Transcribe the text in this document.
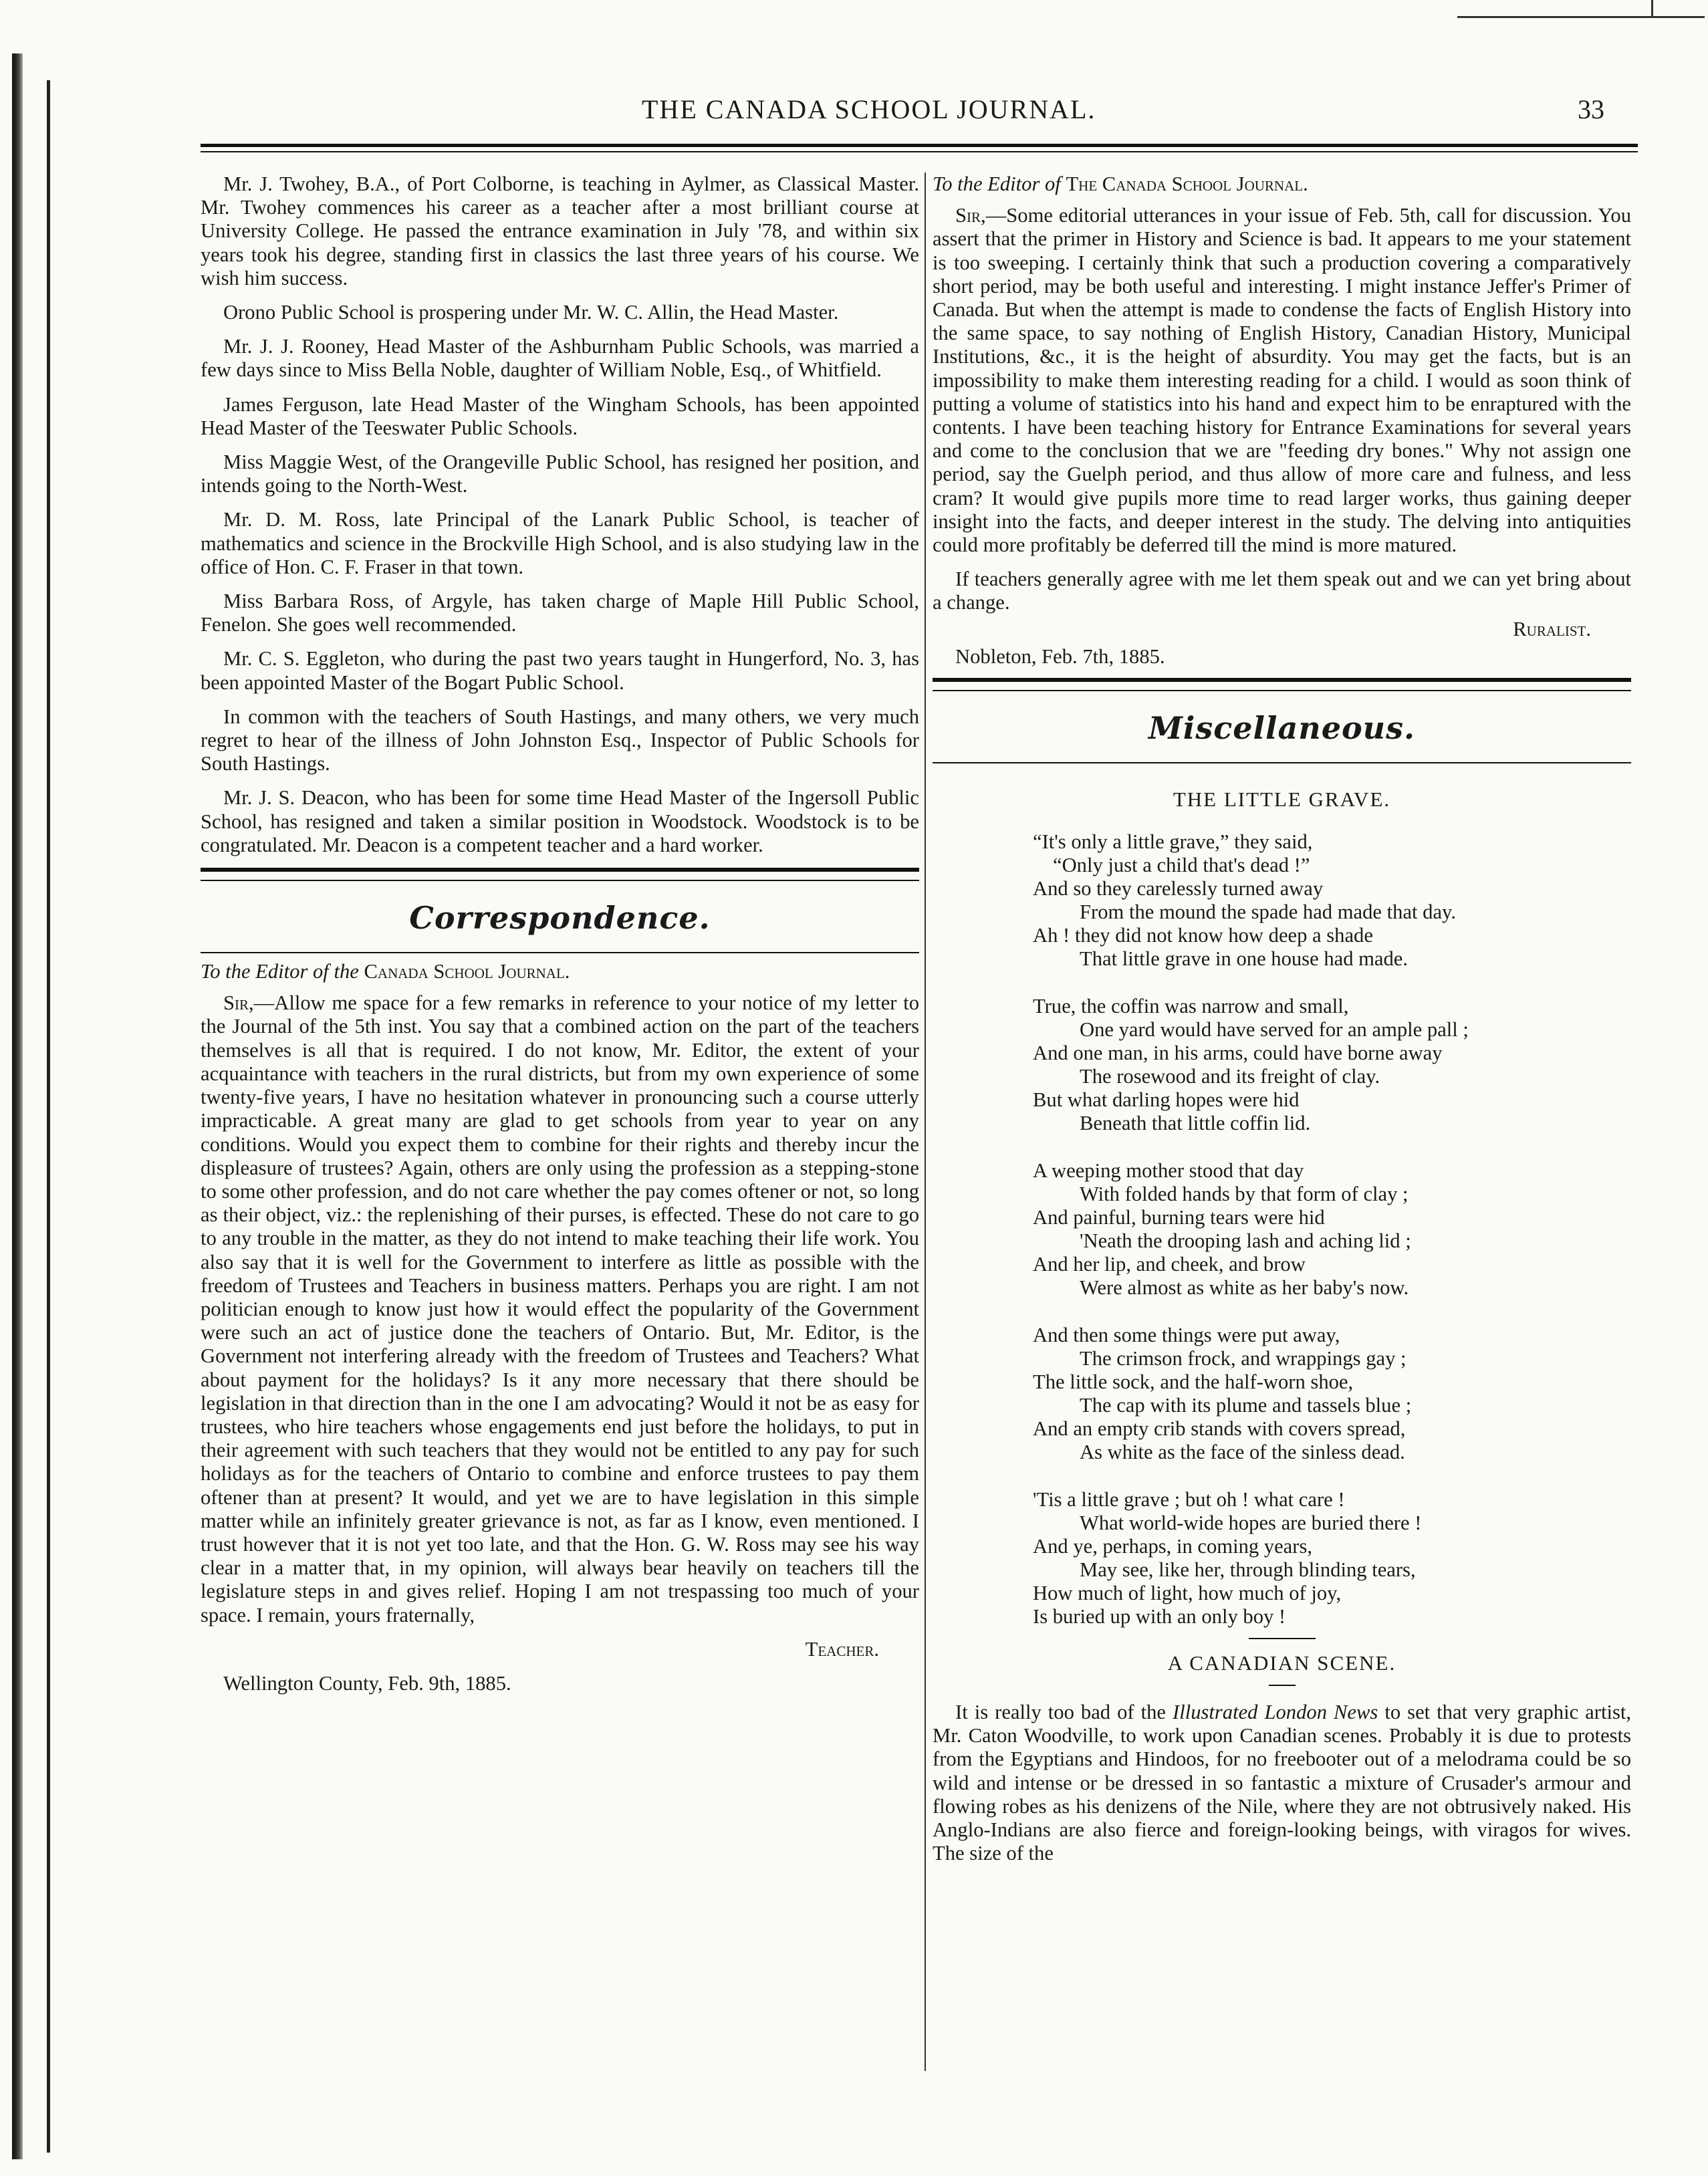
THE CANADA SCHOOL JOURNAL.	33

Mr. J. Twohey, B.A., of Port Colborne, is teaching in Aylmer, as Classical Master. Mr. Twohey commences his career as a teacher after a most brilliant course at University College. He passed the entrance examination in July '78, and within six years took his degree, standing first in classics the last three years of his course. We wish him success.

Orono Public School is prospering under Mr. W. C. Allin, the Head Master.

Mr. J. J. Rooney, Head Master of the Ashburnham Public Schools, was married a few days since to Miss Bella Noble, daughter of William Noble, Esq., of Whitfield.

James Ferguson, late Head Master of the Wingham Schools, has been appointed Head Master of the Teeswater Public Schools.

Miss Maggie West, of the Orangeville Public School, has resigned her position, and intends going to the North-West.

Mr. D. M. Ross, late Principal of the Lanark Public School, is teacher of mathematics and science in the Brockville High School, and is also studying law in the office of Hon. C. F. Fraser in that town.

Miss Barbara Ross, of Argyle, has taken charge of Maple Hill Public School, Fenelon. She goes well recommended.

Mr. C. S. Eggleton, who during the past two years taught in Hungerford, No. 3, has been appointed Master of the Bogart Public School.

In common with the teachers of South Hastings, and many others, we very much regret to hear of the illness of John Johnston Esq., Inspector of Public Schools for South Hastings.

Mr. J. S. Deacon, who has been for some time Head Master of the Ingersoll Public School, has resigned and taken a similar position in Woodstock. Woodstock is to be congratulated. Mr. Deacon is a competent teacher and a hard worker.

Correspondence.
To the Editor of the Canada School Journal.

Sir,—Allow me space for a few remarks in reference to your notice of my letter to the Journal of the 5th inst. You say that a combined action on the part of the teachers themselves is all that is required. I do not know, Mr. Editor, the extent of your acquaintance with teachers in the rural districts, but from my own experience of some twenty-five years, I have no hesitation whatever in pronouncing such a course utterly impracticable. A great many are glad to get schools from year to year on any conditions. Would you expect them to combine for their rights and thereby incur the displeasure of trustees? Again, others are only using the profession as a stepping-stone to some other profession, and do not care whether the pay comes oftener or not, so long as their object, viz.: the replenishing of their purses, is effected. These do not care to go to any trouble in the matter, as they do not intend to make teaching their life work. You also say that it is well for the Government to interfere as little as possible with the freedom of Trustees and Teachers in business matters. Perhaps you are right. I am not politician enough to know just how it would effect the popularity of the Government were such an act of justice done the teachers of Ontario. But, Mr. Editor, is the Government not interfering already with the freedom of Trustees and Teachers? What about payment for the holidays? Is it any more necessary that there should be legislation in that direction than in the one I am advocating? Would it not be as easy for trustees, who hire teachers whose engagements end just before the holidays, to put in their agreement with such teachers that they would not be entitled to any pay for such holidays as for the teachers of Ontario to combine and enforce trustees to pay them oftener than at present? It would, and yet we are to have legislation in this simple matter while an infinitely greater grievance is not, as far as I know, even mentioned. I trust however that it is not yet too late, and that the Hon. G. W. Ross may see his way clear in a matter that, in my opinion, will always bear heavily on teachers till the legislature steps in and gives relief. Hoping I am not trespassing too much of your space. I remain, yours fraternally,

Teacher.

Wellington County, Feb. 9th, 1885.
To the Editor of The Canada School Journal.

Sir,—Some editorial utterances in your issue of Feb. 5th, call for discussion. You assert that the primer in History and Science is bad. It appears to me your statement is too sweeping. I certainly think that such a production covering a comparatively short period, may be both useful and interesting. I might instance Jeffer's Primer of Canada. But when the attempt is made to condense the facts of English History into the same space, to say nothing of English History, Canadian History, Municipal Institutions, &c., it is the height of absurdity. You may get the facts, but is an impossibility to make them interesting reading for a child. I would as soon think of putting a volume of statistics into his hand and expect him to be enraptured with the contents. I have been teaching history for Entrance Examinations for several years and come to the conclusion that we are "feeding dry bones." Why not assign one period, say the Guelph period, and thus allow of more care and fulness, and less cram? It would give pupils more time to read larger works, thus gaining deeper insight into the facts, and deeper interest in the study. The delving into antiquities could more profitably be deferred till the mind is more matured.

If teachers generally agree with me let them speak out and we can yet bring about a change.

Ruralist.

Nobleton, Feb. 7th, 1885.
Miscellaneous.
THE LITTLE GRAVE.
“It's only a little grave,” they said,
“Only just a child that's dead !”
And so they carelessly turned away
From the mound the spade had made that day.
Ah ! they did not know how deep a shade
That little grave in one house had made.
True, the coffin was narrow and small,
One yard would have served for an ample pall ;
And one man, in his arms, could have borne away
The rosewood and its freight of clay.
But what darling hopes were hid
Beneath that little coffin lid.
A weeping mother stood that day
With folded hands by that form of clay ;
And painful, burning tears were hid
'Neath the drooping lash and aching lid ;
And her lip, and cheek, and brow
Were almost as white as her baby's now.
And then some things were put away,
The crimson frock, and wrappings gay ;
The little sock, and the half-worn shoe,
The cap with its plume and tassels blue ;
And an empty crib stands with covers spread,
As white as the face of the sinless dead.
'Tis a little grave ; but oh ! what care !
What world-wide hopes are buried there !
And ye, perhaps, in coming years,
May see, like her, through blinding tears,
How much of light, how much of joy,
Is buried up with an only boy !
A CANADIAN SCENE.

It is really too bad of the Illustrated London News to set that very graphic artist, Mr. Caton Woodville, to work upon Canadian scenes. Probably it is due to protests from the Egyptians and Hindoos, for no freebooter out of a melodrama could be so wild and intense or be dressed in so fantastic a mixture of Crusader's armour and flowing robes as his denizens of the Nile, where they are not obtrusively naked. His Anglo-Indians are also fierce and foreign-looking beings, with viragos for wives. The size of the
